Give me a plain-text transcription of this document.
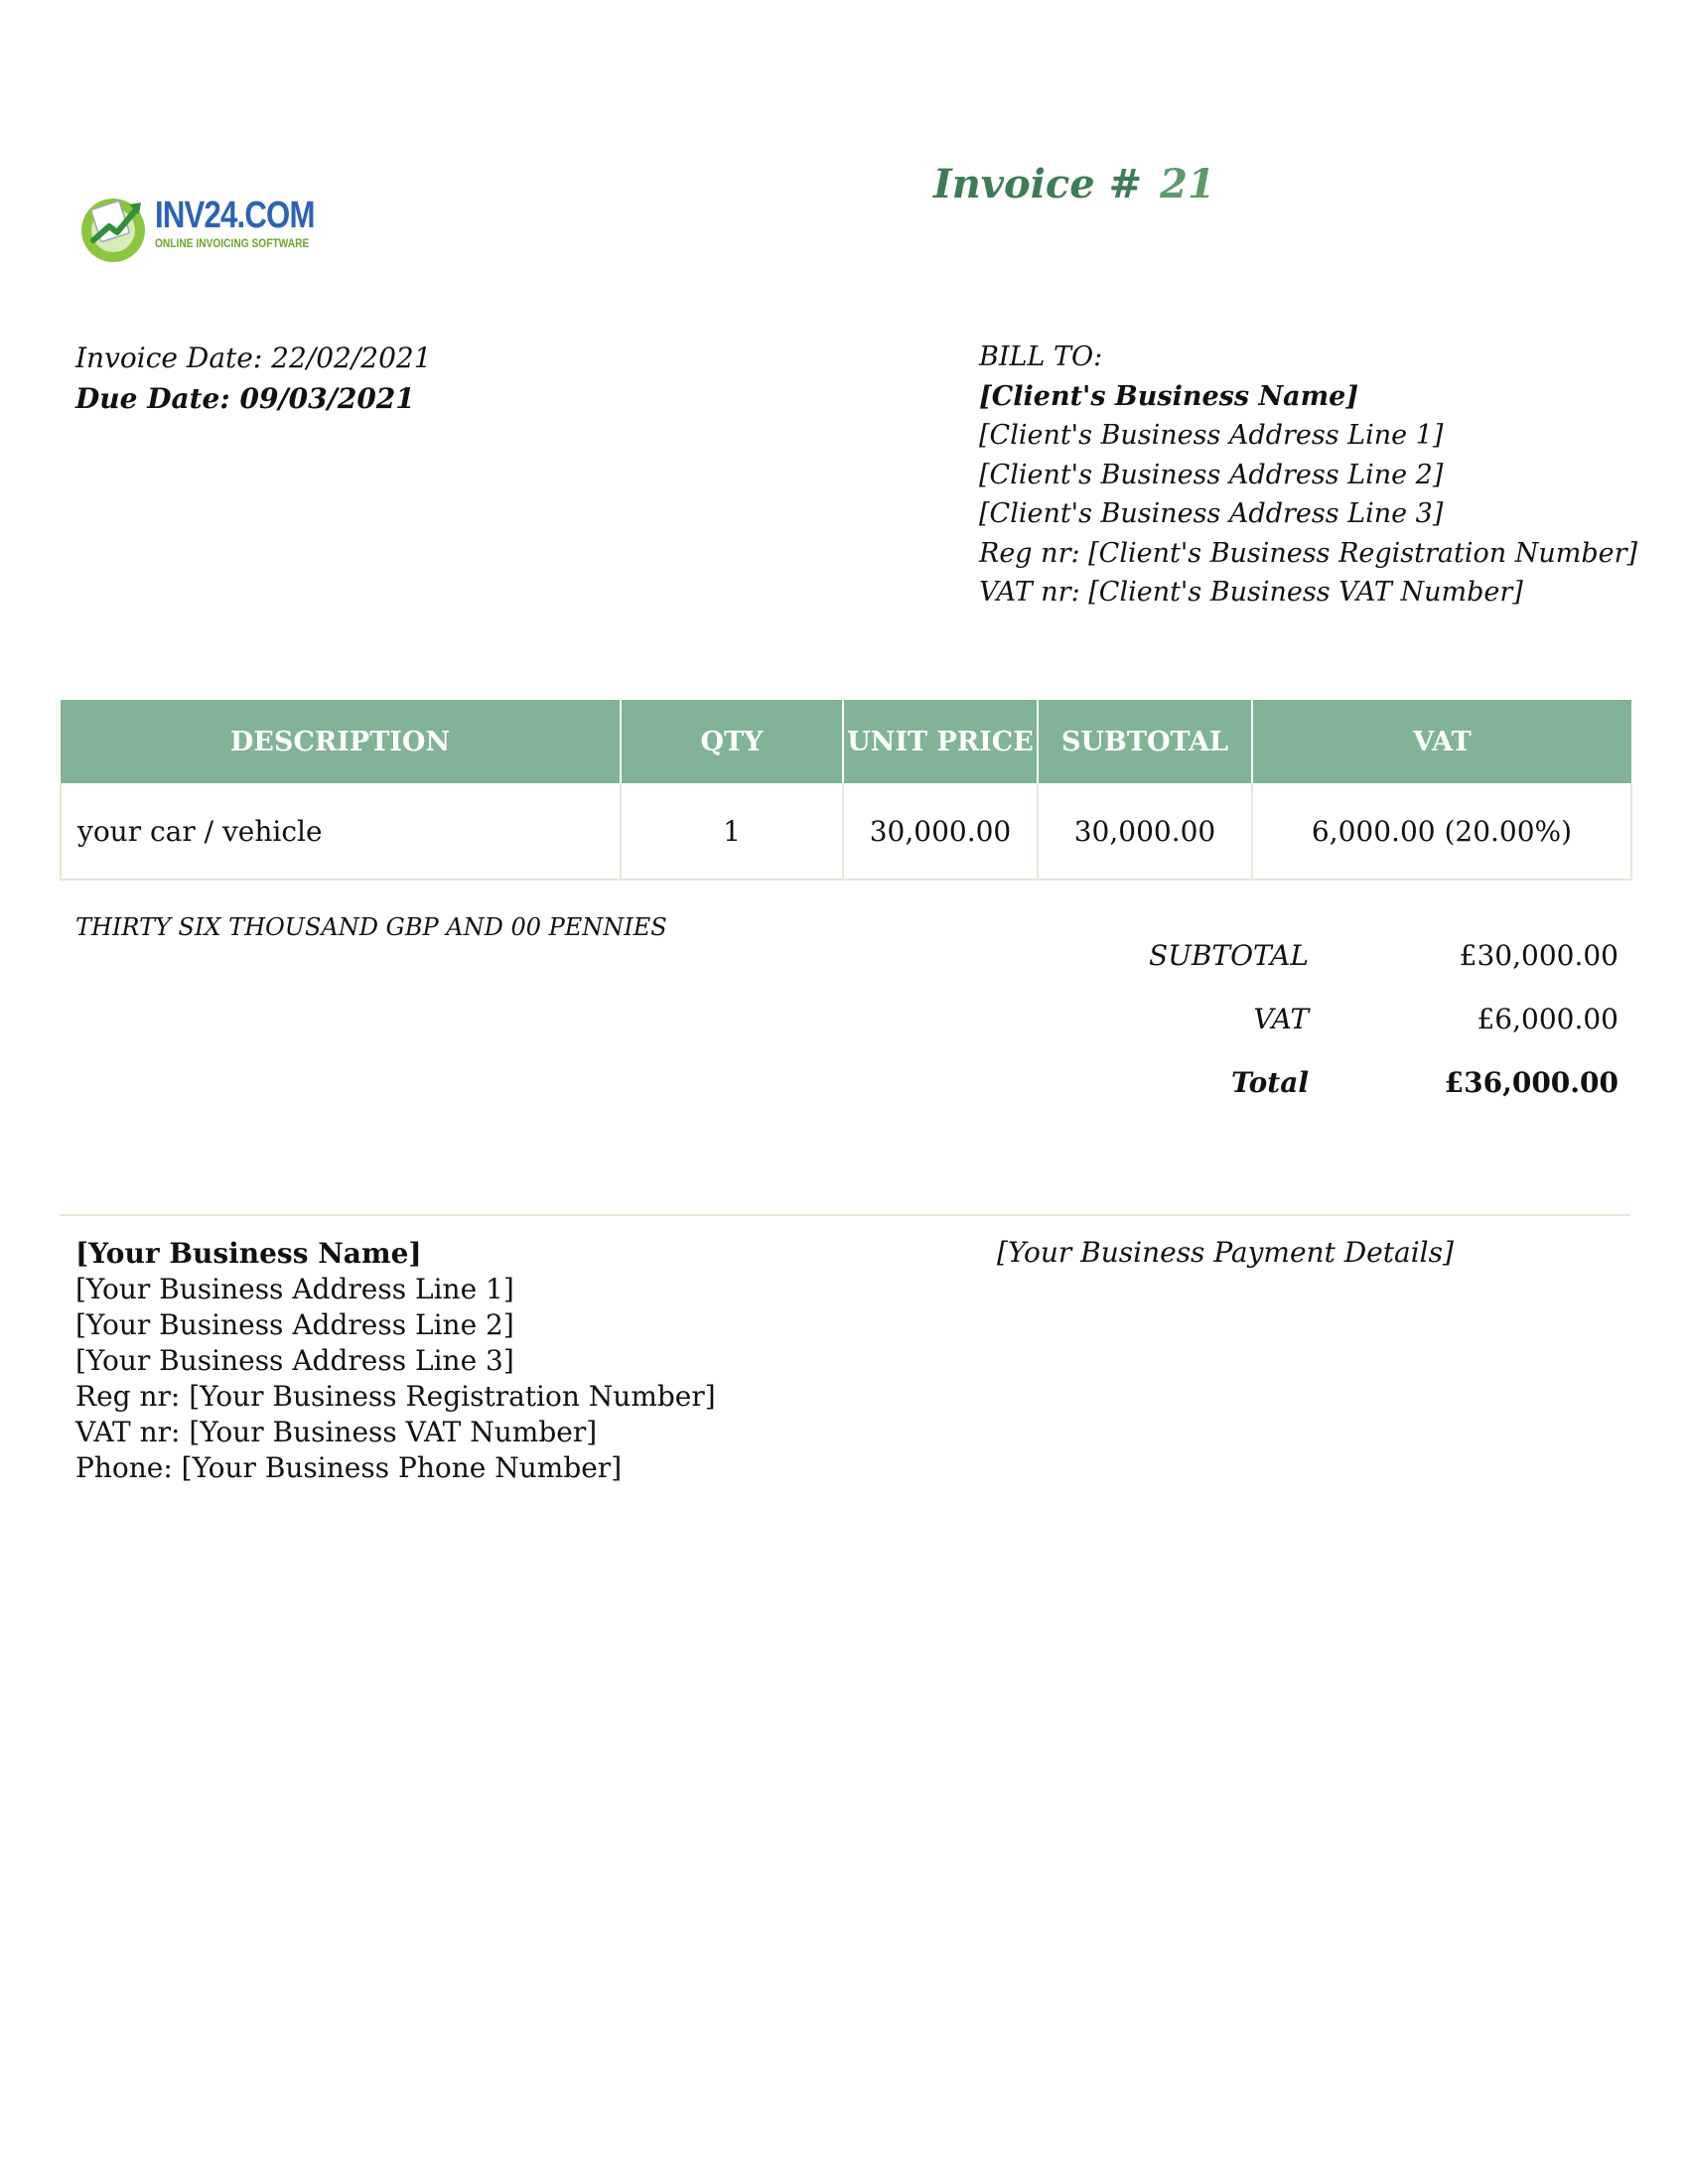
INV24.COM
ONLINE INVOICING SOFTWARE
Invoice # 21
Invoice Date: 22/02/2021
Due Date: 09/03/2021
BILL TO:
[Client's Business Name]
[Client's Business Address Line 1]
[Client's Business Address Line 2]
[Client's Business Address Line 3]
Reg nr: [Client's Business Registration Number]
VAT nr: [Client's Business VAT Number]
DESCRIPTION	QTY	UNIT PRICE	SUBTOTAL	VAT
your car / vehicle	1	30,000.00	30,000.00	6,000.00 (20.00%)
THIRTY SIX THOUSAND GBP AND 00 PENNIES
SUBTOTAL	£30,000.00
VAT	£6,000.00
Total	£36,000.00
[Your Business Name]
[Your Business Address Line 1]
[Your Business Address Line 2]
[Your Business Address Line 3]
Reg nr: [Your Business Registration Number]
VAT nr: [Your Business VAT Number]
Phone: [Your Business Phone Number]
[Your Business Payment Details]
